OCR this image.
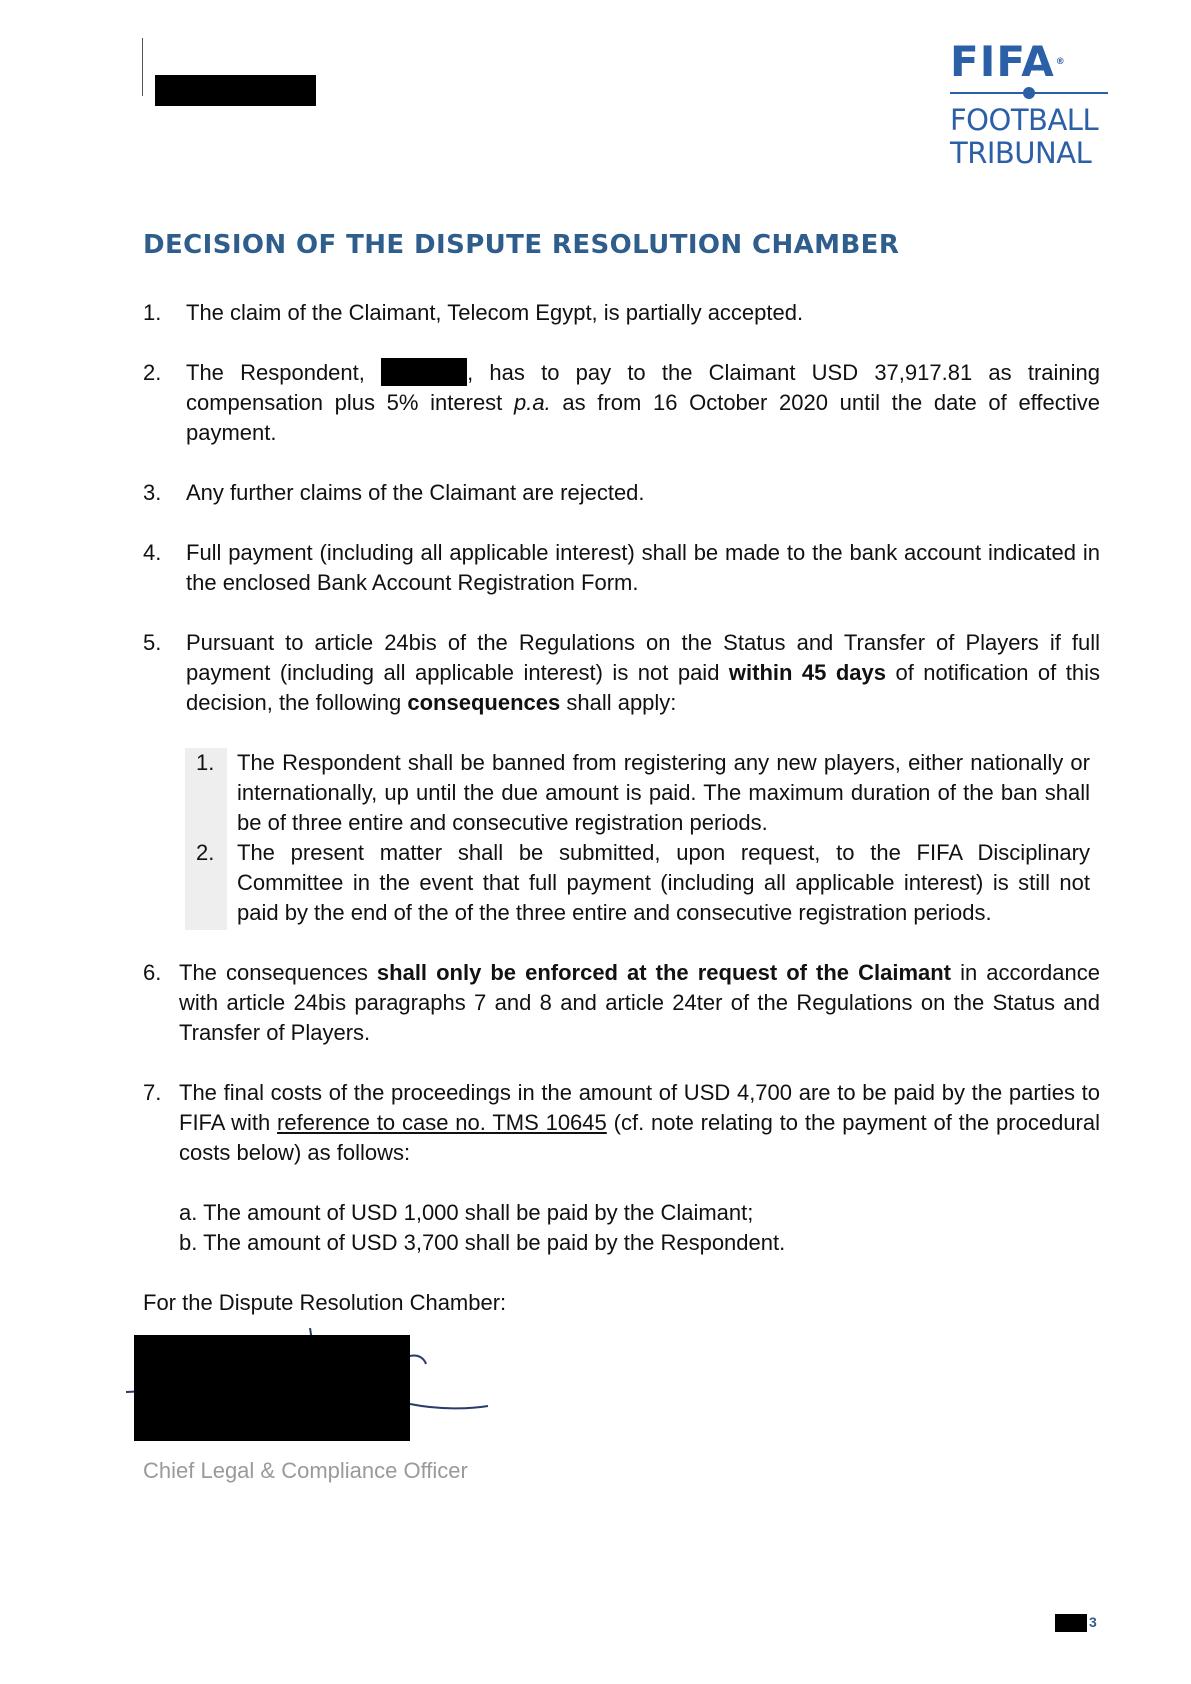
FIFA®
FOOTBALL
TRIBUNAL
DECISION OF THE DISPUTE RESOLUTION CHAMBER
1. The claim of the Claimant, Telecom Egypt, is partially accepted.
2. The Respondent,	, has to pay to the Claimant USD 37,917.81 as training
compensation plus 5% interest p.a. as from 16 October 2020 until the date of effective
payment.
3. Any further claims of the Claimant are rejected.
4. Full payment (including all applicable interest) shall be made to the bank account indicated in the enclosed Bank Account Registration Form.
5. Pursuant to article 24bis of the Regulations on the Status and Transfer of Players if full payment (including all applicable interest) is not paid within 45 days of notification of this decision, the following consequences shall apply:
1. The Respondent shall be banned from registering any new players, either nationally or internationally, up until the due amount is paid. The maximum duration of the ban shall be of three entire and consecutive registration periods.
2. The present matter shall be submitted, upon request, to the FIFA Disciplinary Committee in the event that full payment (including all applicable interest) is still not paid by the end of the of the three entire and consecutive registration periods.
6. The consequences shall only be enforced at the request of the Claimant in accordance with article 24bis paragraphs 7 and 8 and article 24ter of the Regulations on the Status and Transfer of Players.
7. The final costs of the proceedings in the amount of USD 4,700 are to be paid by the parties to FIFA with reference to case no. TMS 10645 (cf. note relating to the payment of the procedural costs below) as follows:
a. The amount of USD 1,000 shall be paid by the Claimant;
b. The amount of USD 3,700 shall be paid by the Respondent.
For the Dispute Resolution Chamber:
Chief Legal & Compliance Officer
3
